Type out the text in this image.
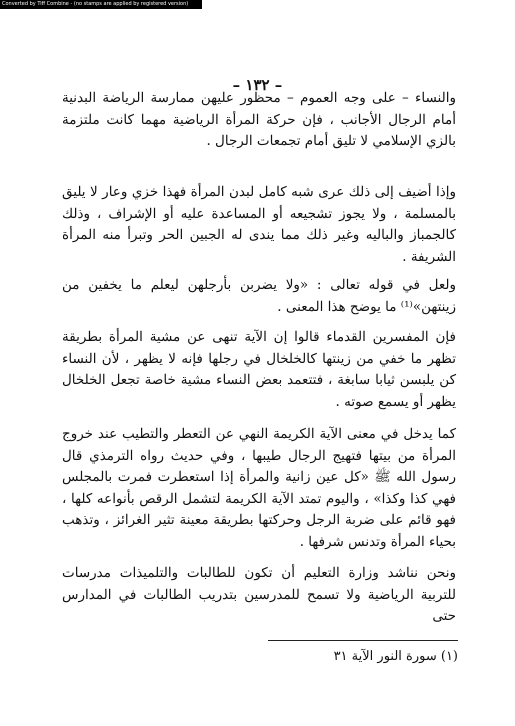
Converted by Tiff Combine - (no stamps are applied by registered version)
– ١٣٢ –

والنساء – على وجه العموم – محظور عليهن ممارسة الرياضة البدنية أمام الرجال الأجانب ، فإن حركة المرأة الرياضية مهما كانت ملتزمة بالزي الإسلامي لا تليق أمام تجمعات الرجال .

وإذا أضيف إلى ذلك عرى شبه كامل لبدن المرأة فهذا خزي وعار لا يليق بالمسلمة ، ولا يجوز تشجيعه أو المساعدة عليه أو الإشراف ، وذلك كالجمباز والباليه وغير ذلك مما يندى له الجبين الحر وتبرأ منه المرأة الشريفة .

ولعل في قوله تعالى : «ولا يضربن بأرجلهن ليعلم ما يخفين من زينتهن»⁽¹⁾ ما يوضح هذا المعنى .

فإن المفسرين القدماء قالوا إن الآية تنهى عن مشية المرأة بطريقة تظهر ما خفي من زينتها كالخلخال في رجلها فإنه لا يظهر ، لأن النساء كن يلبسن ثيابا سابغة ، فتتعمد بعض النساء مشية خاصة تجعل الخلخال يظهر أو يسمع صوته .

كما يدخل في معنى الآية الكريمة النهي عن التعطر والتطيب عند خروج المرأة من بيتها فتهيج الرجال طيبها ، وفي حديث رواه الترمذي قال رسول الله ﷺ «كل عين زانية والمرأة إذا استعطرت فمرت بالمجلس فهي كذا وكذا» ، واليوم تمتد الآية الكريمة لتشمل الرقص بأنواعه كلها ، فهو قائم على ضربة الرجل وحركتها بطريقة معينة تثير الغرائز ، وتذهب بحياء المرأة وتدنس شرفها .

ونحن نناشد وزارة التعليم أن تكون للطالبات والتلميذات مدرسات للتربية الرياضية ولا تسمح للمدرسين بتدريب الطالبات في المدارس حتى

(١) سورة النور الآية ٣١
